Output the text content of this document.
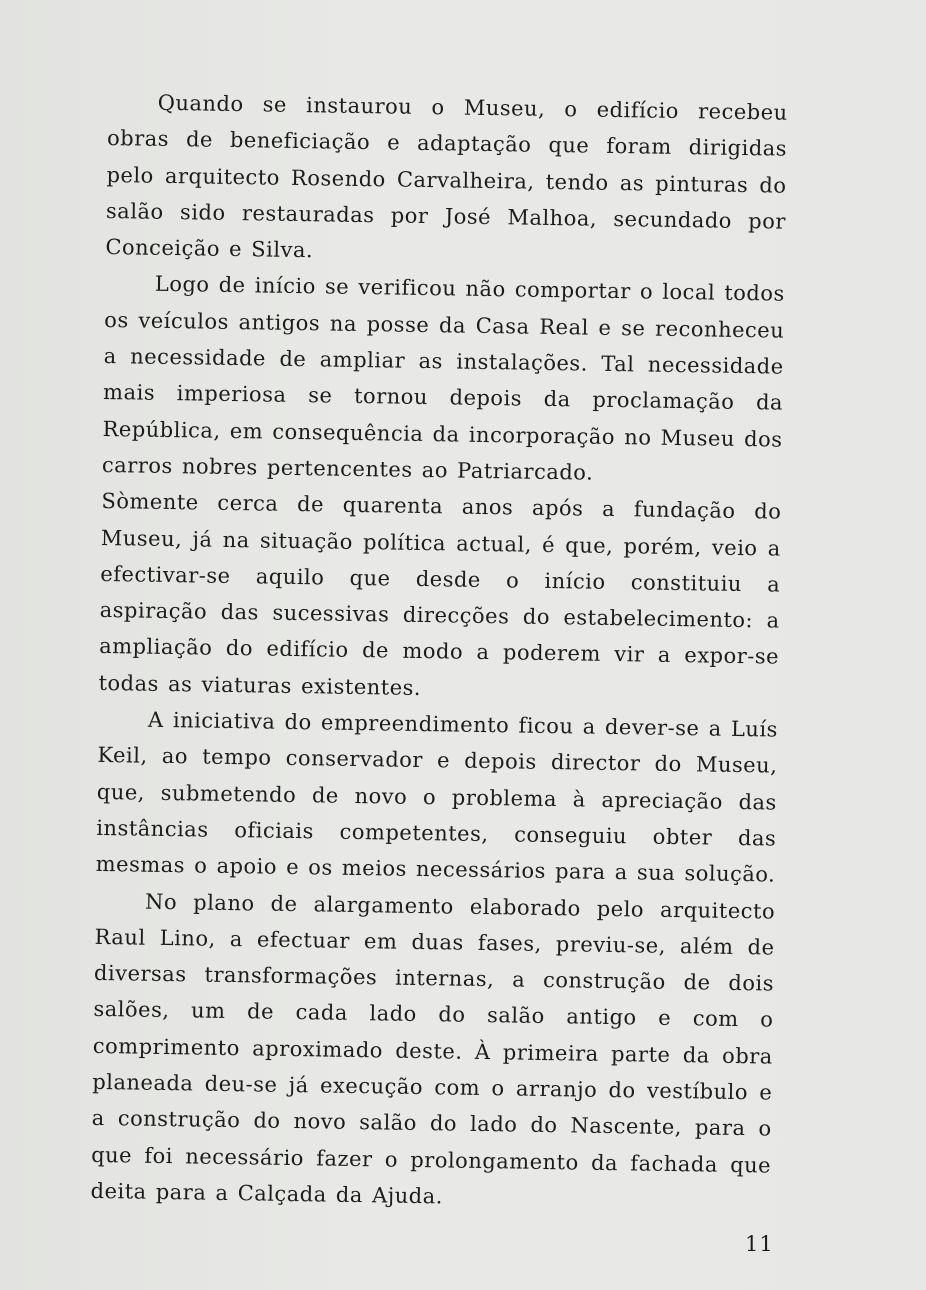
Quando se instaurou o Museu, o edifício recebeu obras de beneficiação e adaptação que foram dirigidas pelo arquitecto Rosendo Carvalheira, tendo as pinturas do salão sido restauradas por José Malhoa, secundado por Conceição e Silva.

Logo de início se verificou não comportar o local todos os veículos antigos na posse da Casa Real e se reconheceu a necessidade de ampliar as instalações. Tal necessidade mais imperiosa se tornou depois da proclamação da República, em consequência da incorporação no Museu dos carros nobres pertencentes ao Patriarcado.

Sòmente cerca de quarenta anos após a fundação do Museu, já na situação política actual, é que, porém, veio a efectivar-se aquilo que desde o início constituiu a aspiração das sucessivas direcções do estabelecimento: a ampliação do edifício de modo a poderem vir a expor-se todas as viaturas existentes.

A iniciativa do empreendimento ficou a dever-se a Luís Keil, ao tempo conservador e depois director do Museu, que, submetendo de novo o problema à apreciação das instâncias oficiais competentes, conseguiu obter das mesmas o apoio e os meios necessários para a sua solução.

No plano de alargamento elaborado pelo arquitecto Raul Lino, a efectuar em duas fases, previu-se, além de diversas transformações internas, a construção de dois salões, um de cada lado do salão antigo e com o comprimento aproximado deste. À primeira parte da obra planeada deu-se já execução com o arranjo do vestíbulo e a construção do novo salão do lado do Nascente, para o que foi necessário fazer o prolongamento da fachada que deita para a Calçada da Ajuda.

11
